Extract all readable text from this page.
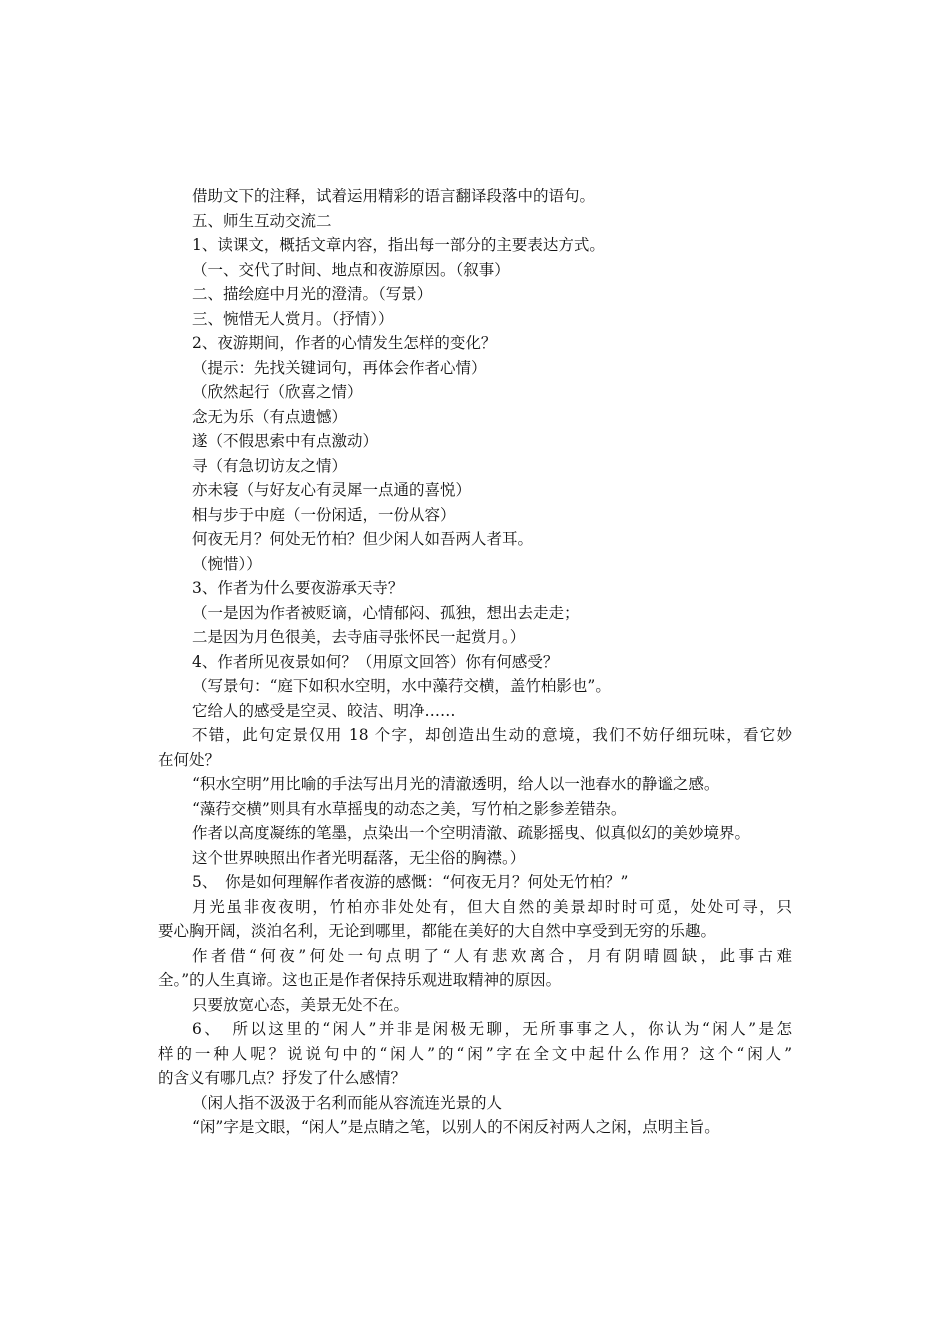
借助文下的注释，试着运用精彩的语言翻译段落中的语句。
五、师生互动交流二
1、读课文，概括文章内容，指出每一部分的主要表达方式。
（一、交代了时间、地点和夜游原因。（叙事）
二、描绘庭中月光的澄清。（写景）
三、惋惜无人赏月。（抒情））
2、夜游期间，作者的心情发生怎样的变化？
（提示：先找关键词句，再体会作者心情）
（欣然起行（欣喜之情）
念无为乐（有点遗憾）
遂（不假思索中有点激动）
寻（有急切访友之情）
亦未寝（与好友心有灵犀一点通的喜悦）
相与步于中庭（一份闲适，一份从容）
何夜无月？何处无竹柏？但少闲人如吾两人者耳。
（惋惜））
3、作者为什么要夜游承天寺？
（一是因为作者被贬谪，心情郁闷、孤独，想出去走走；
二是因为月色很美，去寺庙寻张怀民一起赏月。）
4、作者所见夜景如何？（用原文回答）你有何感受？
（写景句：“庭下如积水空明，水中藻荇交横，盖竹柏影也”。
它给人的感受是空灵、皎洁、明净……
不错，此句定景仅用 18 个字，却创造出生动的意境，我们不妨仔细玩味，看它妙
在何处？
“积水空明”用比喻的手法写出月光的清澈透明，给人以一池春水的静谧之感。
“藻荇交横”则具有水草摇曳的动态之美，写竹柏之影参差错杂。
作者以高度凝练的笔墨，点染出一个空明清澈、疏影摇曳、似真似幻的美妙境界。
这个世界映照出作者光明磊落，无尘俗的胸襟。）
5、　你是如何理解作者夜游的感慨：“何夜无月？何处无竹柏？”
月光虽非夜夜明，竹柏亦非处处有，但大自然的美景却时时可觅，处处可寻，只
要心胸开阔，淡泊名利，无论到哪里，都能在美好的大自然中享受到无穷的乐趣。
作者借“何夜”何处一句点明了“人有悲欢离合，月有阴晴圆缺，此事古难
全。”的人生真谛。这也正是作者保持乐观进取精神的原因。
只要放宽心态，美景无处不在。
6、　所以这里的“闲人”并非是闲极无聊，无所事事之人，你认为“闲人”是怎
样的一种人呢？说说句中的“闲人”的“闲”字在全文中起什么作用？这个“闲人”
的含义有哪几点？抒发了什么感情？
（闲人指不汲汲于名利而能从容流连光景的人
“闲”字是文眼，“闲人”是点睛之笔，以别人的不闲反衬两人之闲，点明主旨。
